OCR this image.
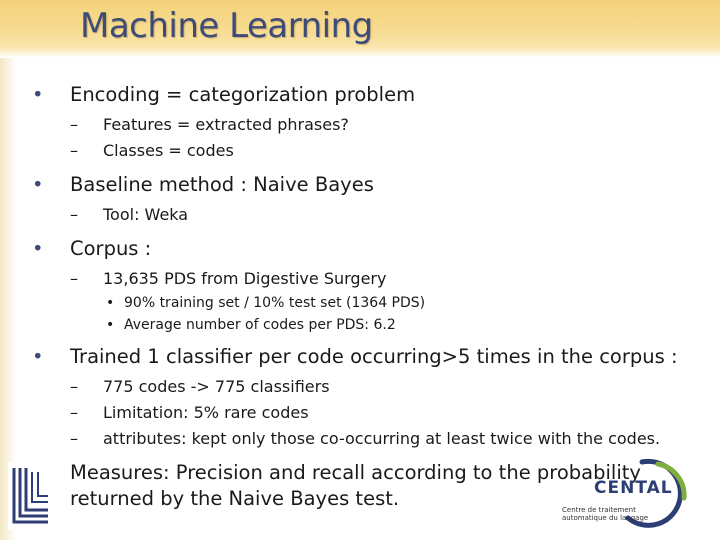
Machine Learning
• Encoding = categorization problem
– Features = extracted phrases?
– Classes = codes
• Baseline method : Naive Bayes
– Tool: Weka
• Corpus :
– 13,635 PDS from Digestive Surgery
• 90% training set / 10% test set (1364 PDS)
• Average number of codes per PDS: 6.2
• Trained 1 classifier per code occurring>5 times in the corpus :
– 775 codes -> 775 classifiers
– Limitation: 5% rare codes
– attributes: kept only those co-occurring at least twice with the codes.
Measures: Precision and recall according to the probability returned by the Naive Bayes test.	CENTAL
Centre de traitement
automatique du langage
